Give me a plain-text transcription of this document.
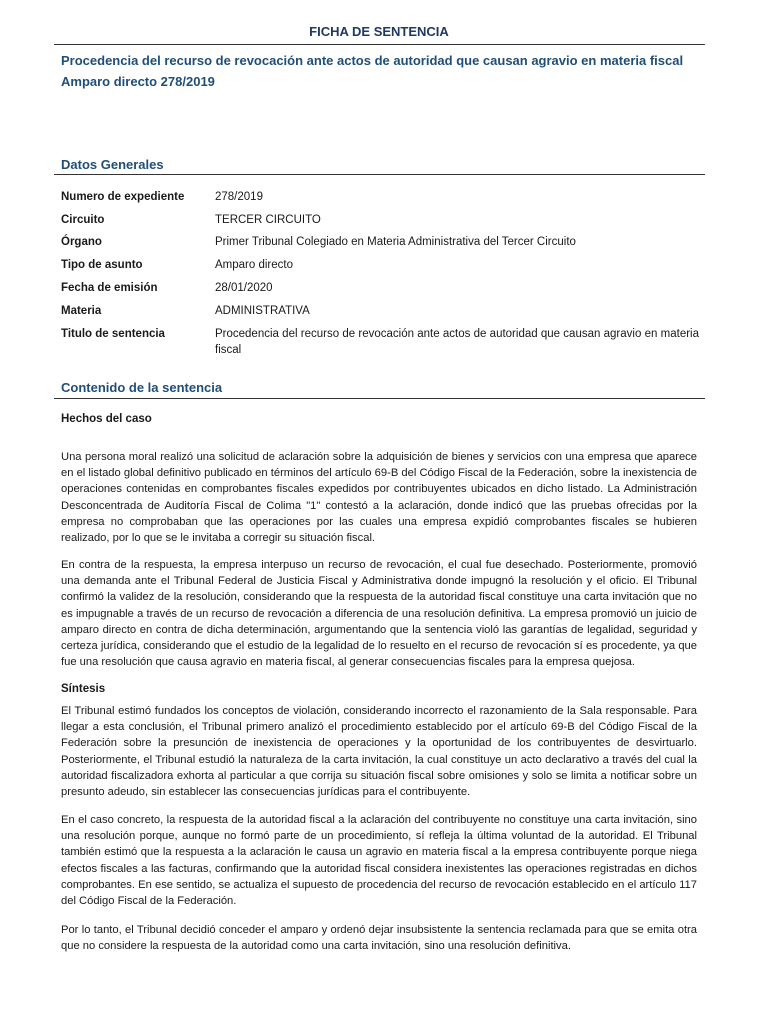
FICHA DE SENTENCIA
Procedencia del recurso de revocación ante actos de autoridad que causan agravio en materia fiscal
Amparo directo 278/2019
Datos Generales
Numero de expediente	278/2019
Circuito	TERCER CIRCUITO
Órgano	Primer Tribunal Colegiado en Materia Administrativa del Tercer Circuito
Tipo de asunto	Amparo directo
Fecha de emisión	28/01/2020
Materia	ADMINISTRATIVA
Titulo de sentencia	Procedencia del recurso de revocación ante actos de autoridad que causan agravio en materia fiscal
Contenido de la sentencia
Hechos del caso

Una persona moral realizó una solicitud de aclaración sobre la adquisición de bienes y servicios con una empresa que aparece en el listado global definitivo publicado en términos del artículo 69-B del Código Fiscal de la Federación, sobre la inexistencia de operaciones contenidas en comprobantes fiscales expedidos por contribuyentes ubicados en dicho listado. La Administración Desconcentrada de Auditoría Fiscal de Colima "1" contestó a la aclaración, donde indicó que las pruebas ofrecidas por la empresa no comprobaban que las operaciones por las cuales una empresa expidió comprobantes fiscales se hubieren realizado, por lo que se le invitaba a corregir su situación fiscal.

En contra de la respuesta, la empresa interpuso un recurso de revocación, el cual fue desechado. Posteriormente, promovió una demanda ante el Tribunal Federal de Justicia Fiscal y Administrativa donde impugnó la resolución y el oficio. El Tribunal confirmó la validez de la resolución, considerando que la respuesta de la autoridad fiscal constituye una carta invitación que no es impugnable a través de un recurso de revocación a diferencia de una resolución definitiva. La empresa promovió un juicio de amparo directo en contra de dicha determinación, argumentando que la sentencia violó las garantías de legalidad, seguridad y certeza jurídica, considerando que el estudio de la legalidad de lo resuelto en el recurso de revocación sí es procedente, ya que fue una resolución que causa agravio en materia fiscal, al generar consecuencias fiscales para la empresa quejosa.

Síntesis

El Tribunal estimó fundados los conceptos de violación, considerando incorrecto el razonamiento de la Sala responsable. Para llegar a esta conclusión, el Tribunal primero analizó el procedimiento establecido por el artículo 69-B del Código Fiscal de la Federación sobre la presunción de inexistencia de operaciones y la oportunidad de los contribuyentes de desvirtuarlo. Posteriormente, el Tribunal estudió la naturaleza de la carta invitación, la cual constituye un acto declarativo a través del cual la autoridad fiscalizadora exhorta al particular a que corrija su situación fiscal sobre omisiones y solo se limita a notificar sobre un presunto adeudo, sin establecer las consecuencias jurídicas para el contribuyente.

En el caso concreto, la respuesta de la autoridad fiscal a la aclaración del contribuyente no constituye una carta invitación, sino una resolución porque, aunque no formó parte de un procedimiento, sí refleja la última voluntad de la autoridad. El Tribunal también estimó que la respuesta a la aclaración le causa un agravio en materia fiscal a la empresa contribuyente porque niega efectos fiscales a las facturas, confirmando que la autoridad fiscal considera inexistentes las operaciones registradas en dichos comprobantes. En ese sentido, se actualiza el supuesto de procedencia del recurso de revocación establecido en el artículo 117 del Código Fiscal de la Federación.

Por lo tanto, el Tribunal decidió conceder el amparo y ordenó dejar insubsistente la sentencia reclamada para que se emita otra que no considere la respuesta de la autoridad como una carta invitación, sino una resolución definitiva.
